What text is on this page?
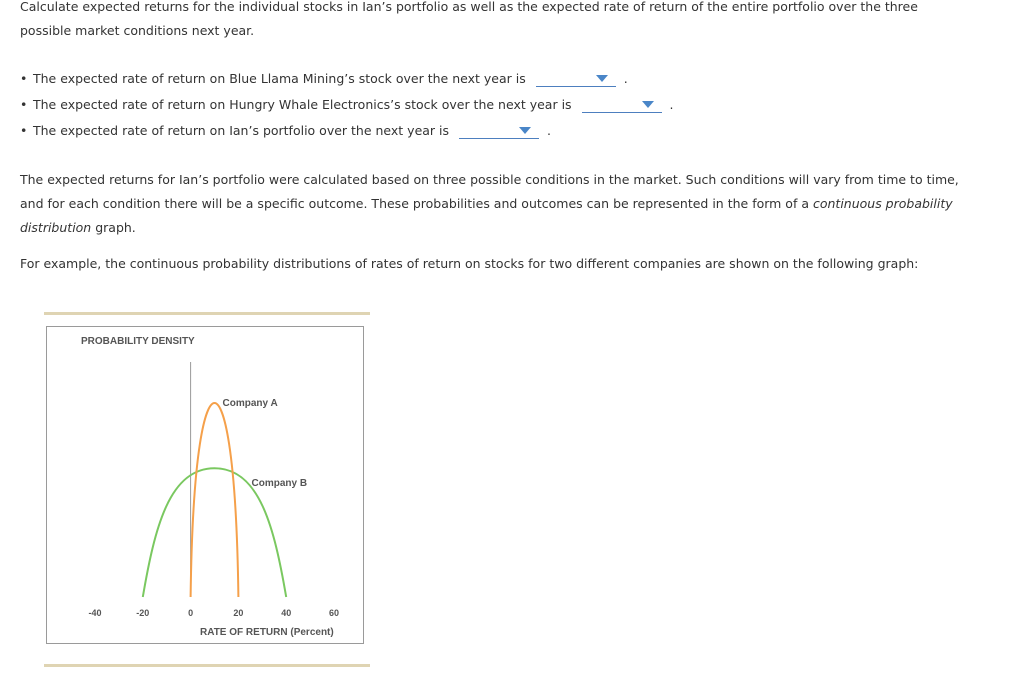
Calculate expected returns for the individual stocks in Ian’s portfolio as well as the expected rate of return of the entire portfolio over the three
possible market conditions next year.

• The expected rate of return on Blue Llama Mining’s stock over the next year is	.
• The expected rate of return on Hungry Whale Electronics’s stock over the next year is	.
• The expected rate of return on Ian’s portfolio over the next year is	.

The expected returns for Ian’s portfolio were calculated based on three possible conditions in the market. Such conditions will vary from time to time,
and for each condition there will be a specific outcome. These probabilities and outcomes can be represented in the form of a continuous probability
distribution graph.

For example, the continuous probability distributions of rates of return on stocks for two different companies are shown on the following graph:

PROBABILITY DENSITY
RATE OF RETURN (Percent)
-40	-20	0	20	40	60
Company A
Company B
